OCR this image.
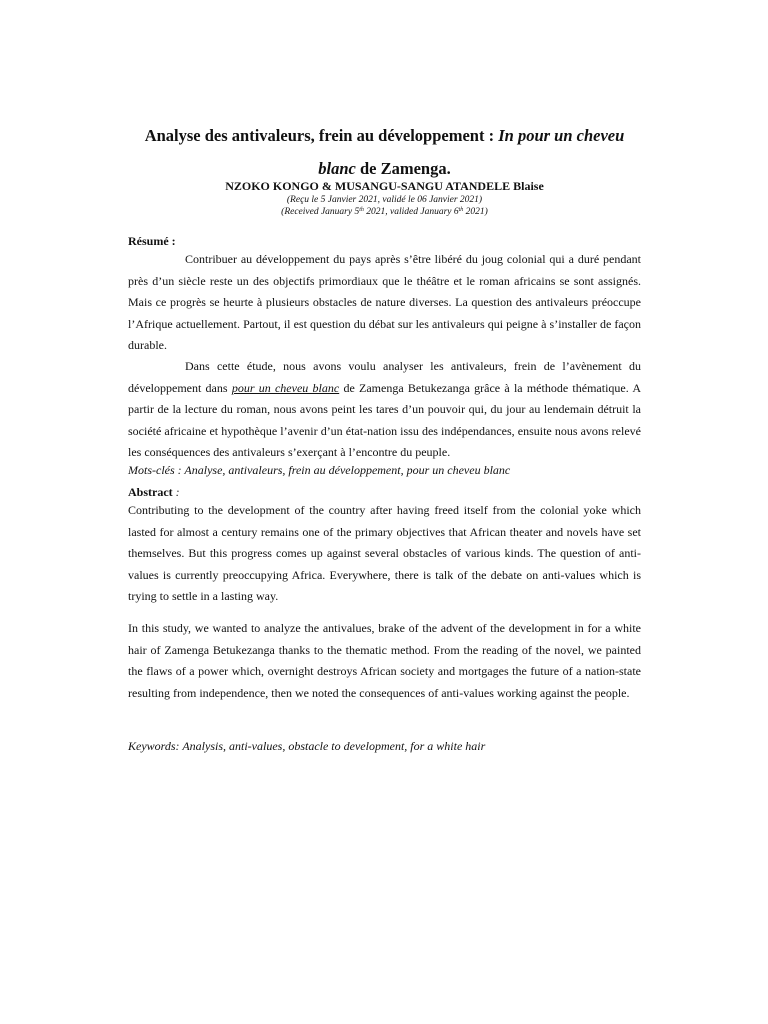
Analyse des antivaleurs, frein au développement : In pour un cheveu blanc de Zamenga.
NZOKO KONGO & MUSANGU-SANGU ATANDELE Blaise
(Reçu le 5 Janvier 2021, validé le 06 Janvier 2021)
(Received January 5th 2021, valided January 6th 2021)
Résumé :

Contribuer au développement du pays après s’être libéré du joug colonial qui a duré pendant près d’un siècle reste un des objectifs primordiaux que le théâtre et le roman africains se sont assignés. Mais ce progrès se heurte à plusieurs obstacles de nature diverses. La question des antivaleurs préoccupe l’Afrique actuellement. Partout, il est question du débat sur les antivaleurs qui peigne à s’installer de façon durable.

Dans cette étude, nous avons voulu analyser les antivaleurs, frein de l’avènement du développement dans pour un cheveu blanc de Zamenga Betukezanga grâce à la méthode thématique. A partir de la lecture du roman, nous avons peint les tares d’un pouvoir qui, du jour au lendemain détruit la société africaine et hypothèque l’avenir d’un état-nation issu des indépendances, ensuite nous avons relevé les conséquences des antivaleurs s’exerçant à l’encontre du peuple.

Mots-clés : Analyse, antivaleurs, frein au développement, pour un cheveu blanc
Abstract :

Contributing to the development of the country after having freed itself from the colonial yoke which lasted for almost a century remains one of the primary objectives that African theater and novels have set themselves. But this progress comes up against several obstacles of various kinds. The question of anti-values is currently preoccupying Africa. Everywhere, there is talk of the debate on anti-values which is trying to settle in a lasting way.

In this study, we wanted to analyze the antivalues, brake of the advent of the development in for a white hair of Zamenga Betukezanga thanks to the thematic method. From the reading of the novel, we painted the flaws of a power which, overnight destroys African society and mortgages the future of a nation-state resulting from independence, then we noted the consequences of anti-values working against the people.

Keywords: Analysis, anti-values, obstacle to development, for a white hair
